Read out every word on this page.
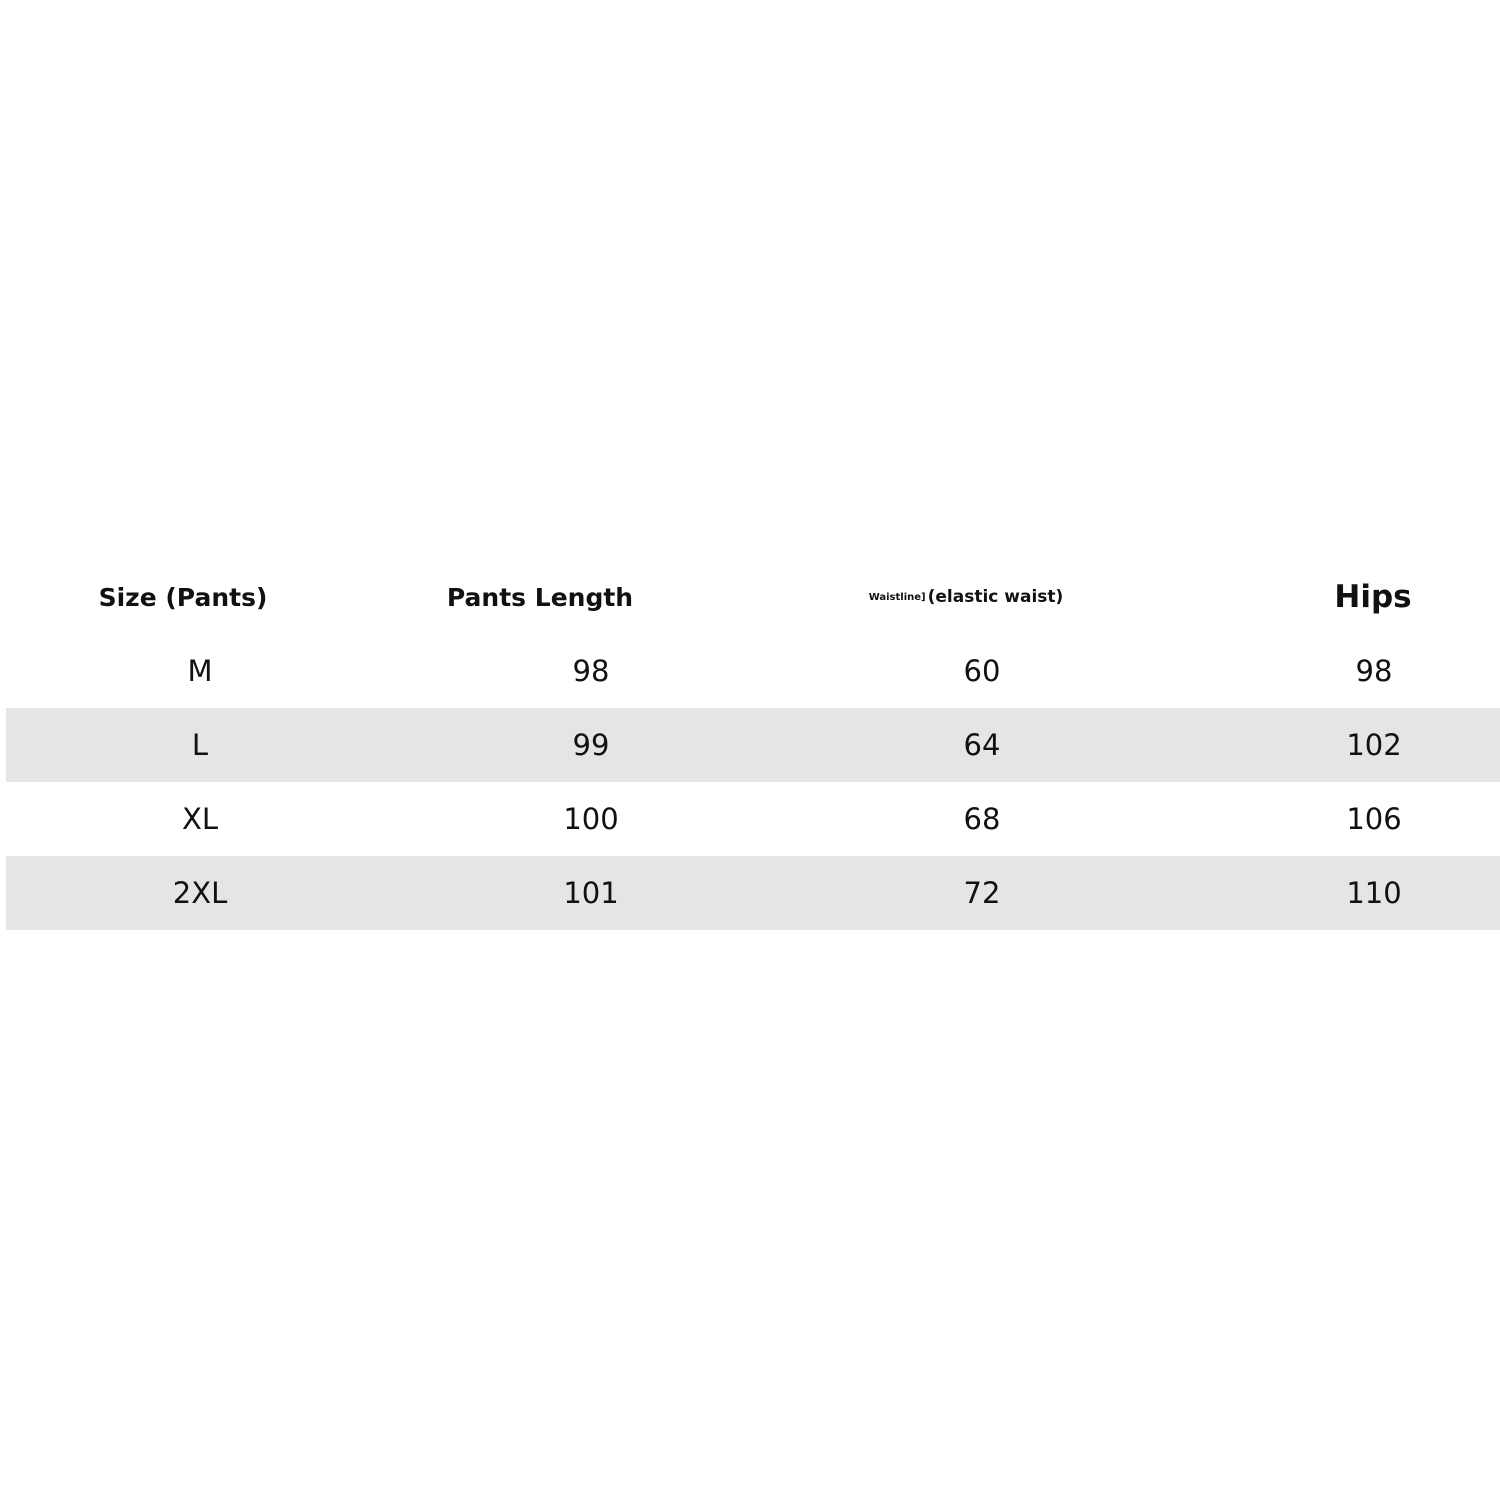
Size (Pants)	Pants Length	Waistline] (elastic waist)	Hips
M	98	60	98
L	99	64	102
XL	100	68	106
2XL	101	72	110
